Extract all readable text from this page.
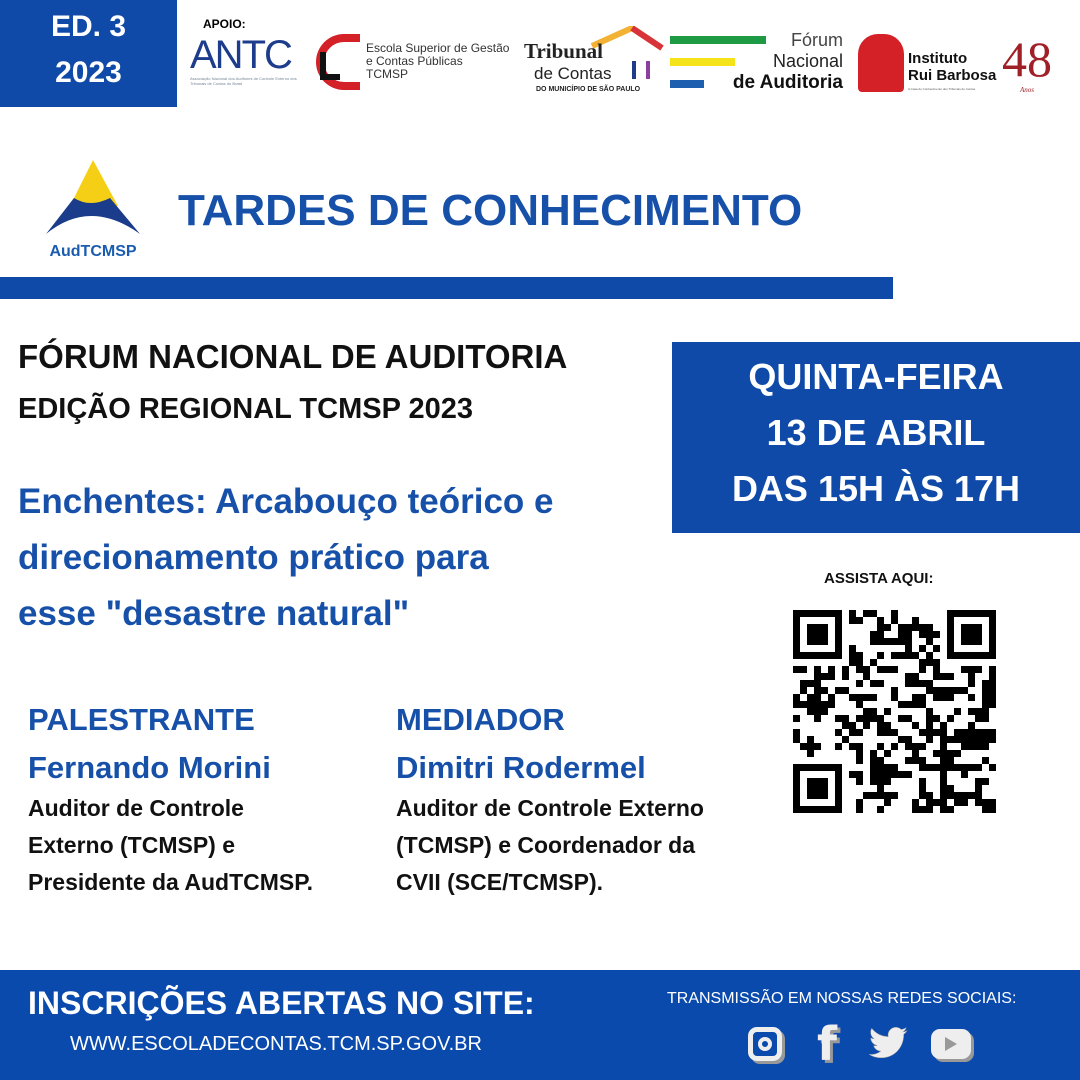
ED. 3
2023
APOIO:
ANTC
Associação Nacional dos Auditores de Controle Externo dos Tribunais de Contas do Brasil
Escola Superior de Gestão
e Contas Públicas
TCMSP
Tribunal
de Contas
DO MUNICÍPIO DE SÃO PAULO
Fórum
Nacional
de Auditoria
Instituto
Rui Barbosa
A Casa do Conhecimento dos Tribunais de Contas
48
Anos
AudTCMSP
TARDES DE CONHECIMENTO
FÓRUM NACIONAL DE AUDITORIA
EDIÇÃO REGIONAL TCMSP 2023
QUINTA-FEIRA
13 DE ABRIL
DAS 15H ÀS 17H
Enchentes: Arcabouço teórico e
direcionamento prático para
esse "desastre natural"
ASSISTA AQUI:
PALESTRANTE
Fernando Morini
Auditor de Controle
Externo (TCMSP) e
Presidente da AudTCMSP.
MEDIADOR
Dimitri Rodermel
Auditor de Controle Externo
(TCMSP) e Coordenador da
CVII (SCE/TCMSP).
INSCRIÇÕES ABERTAS NO SITE:
WWW.ESCOLADECONTAS.TCM.SP.GOV.BR
TRANSMISSÃO EM NOSSAS REDES SOCIAIS:
f
